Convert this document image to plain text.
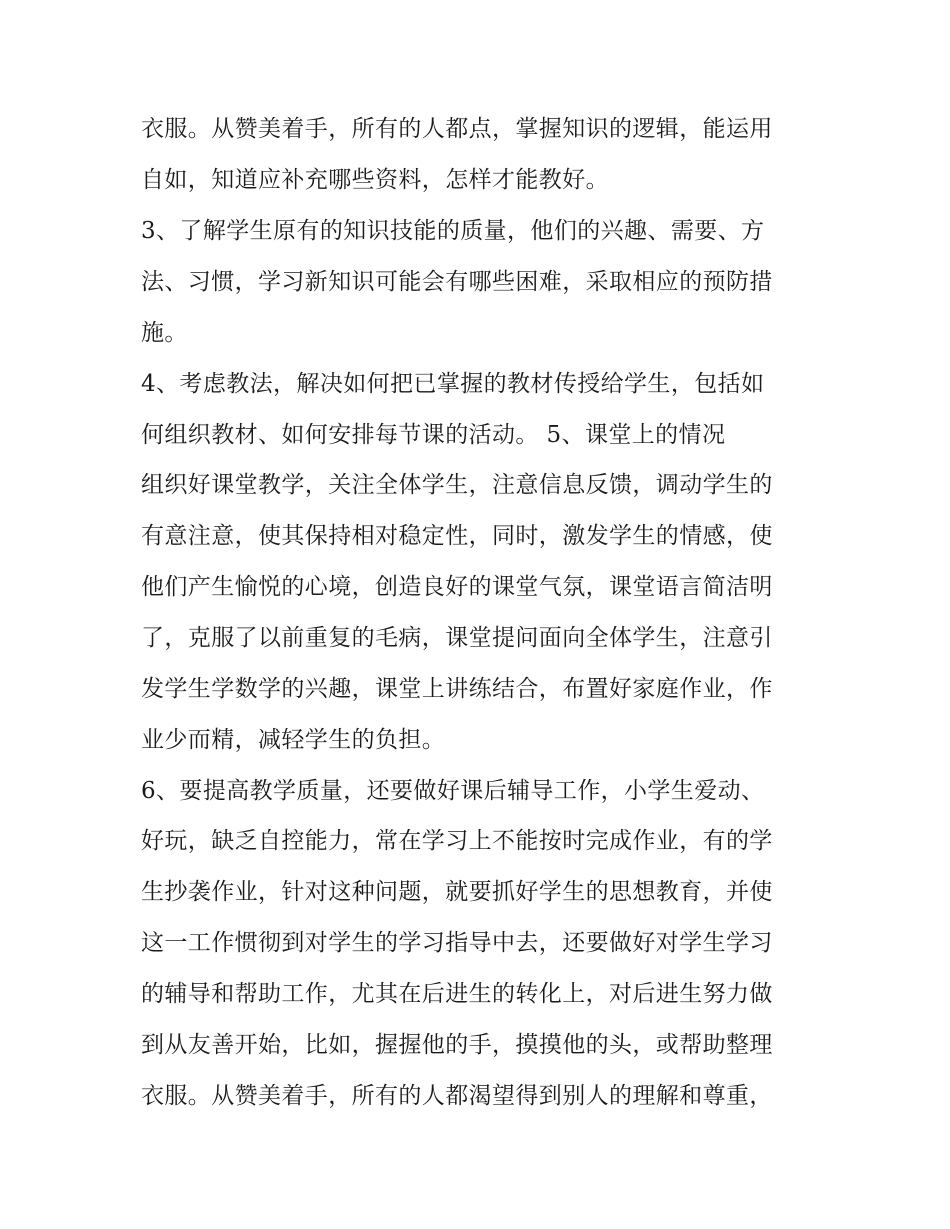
衣服。从赞美着手，所有的人都点，掌握知识的逻辑，能运用
自如，知道应补充哪些资料，怎样才能教好。
3、了解学生原有的知识技能的质量，他们的兴趣、需要、方
法、习惯，学习新知识可能会有哪些困难，采取相应的预防措
施。
4、考虑教法，解决如何把已掌握的教材传授给学生，包括如
何组织教材、如何安排每节课的活动。 5、课堂上的情况
组织好课堂教学，关注全体学生，注意信息反馈，调动学生的
有意注意，使其保持相对稳定性，同时，激发学生的情感，使
他们产生愉悦的心境，创造良好的课堂气氛，课堂语言简洁明
了，克服了以前重复的毛病，课堂提问面向全体学生，注意引
发学生学数学的兴趣，课堂上讲练结合，布置好家庭作业，作
业少而精，减轻学生的负担。
6、要提高教学质量，还要做好课后辅导工作，小学生爱动、
好玩，缺乏自控能力，常在学习上不能按时完成作业，有的学
生抄袭作业，针对这种问题，就要抓好学生的思想教育，并使
这一工作惯彻到对学生的学习指导中去，还要做好对学生学习
的辅导和帮助工作，尤其在后进生的转化上，对后进生努力做
到从友善开始，比如，握握他的手，摸摸他的头，或帮助整理
衣服。从赞美着手，所有的人都渴望得到别人的理解和尊重，
